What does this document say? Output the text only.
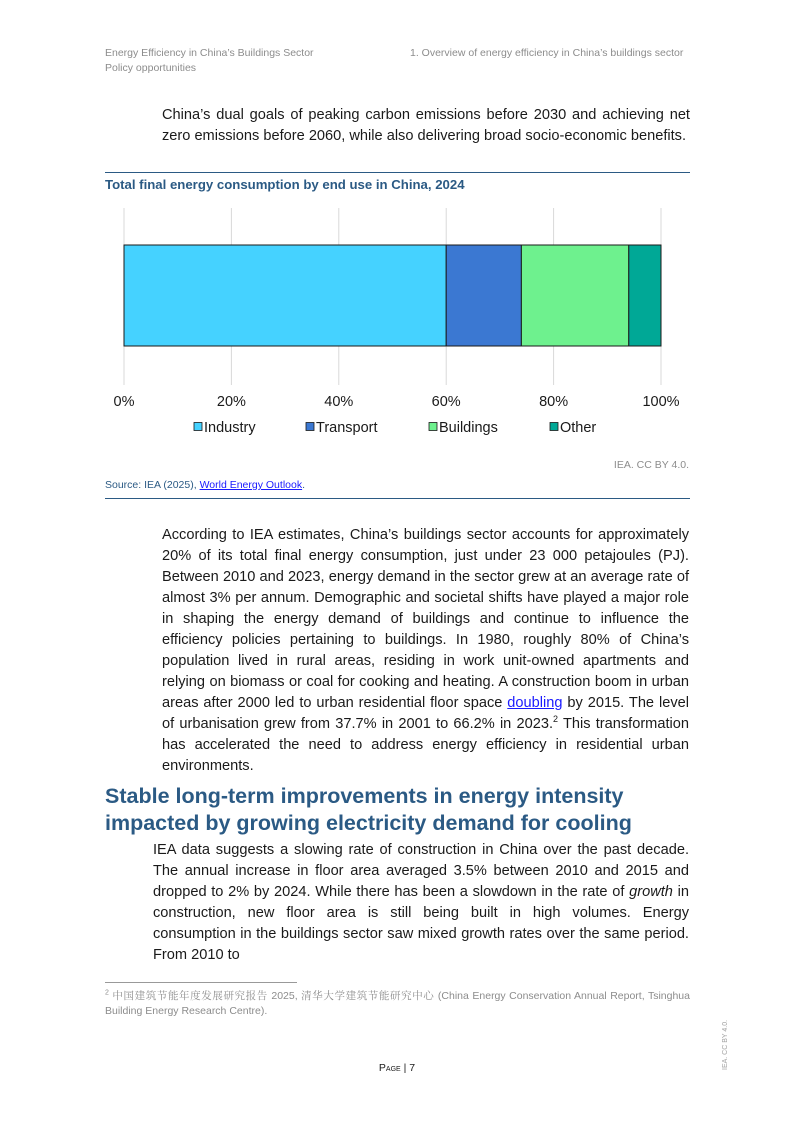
Energy Efficiency in China’s Buildings Sector
Policy opportunities
1. Overview of energy efficiency in China’s buildings sector

China’s dual goals of peaking carbon emissions before 2030 and achieving net zero emissions before 2060, while also delivering broad socio-economic benefits.

Total final energy consumption by end use in China, 2024
0%	20%	40%	60%	80%	100%
Industry	Transport	Buildings	Other
IEA. CC BY 4.0.
Source: IEA (2025), World Energy Outlook.

According to IEA estimates, China’s buildings sector accounts for approximately 20% of its total final energy consumption, just under 23 000 petajoules (PJ). Between 2010 and 2023, energy demand in the sector grew at an average rate of almost 3% per annum. Demographic and societal shifts have played a major role in shaping the energy demand of buildings and continue to influence the efficiency policies pertaining to buildings. In 1980, roughly 80% of China’s population lived in rural areas, residing in work unit-owned apartments and relying on biomass or coal for cooking and heating. A construction boom in urban areas after 2000 led to urban residential floor space doubling by 2015. The level of urbanisation grew from 37.7% in 2001 to 66.2% in 2023.$^2$ This transformation has accelerated the need to address energy efficiency in residential urban environments.

Stable long-term improvements in energy intensity impacted by growing electricity demand for cooling

IEA data suggests a slowing rate of construction in China over the past decade. The annual increase in floor area averaged 3.5% between 2010 and 2015 and dropped to 2% by 2024. While there has been a slowdown in the rate of growth in construction, new floor area is still being built in high volumes. Energy consumption in the buildings sector saw mixed growth rates over the same period. From 2010 to

$^2$ 中国建筑节能年度发展研究报告 2025, 清华大学建筑节能研究中心 (China Energy Conservation Annual Report, Tsinghua Building Energy Research Centre).
Page | 7	IEA. CC BY 4.0.
